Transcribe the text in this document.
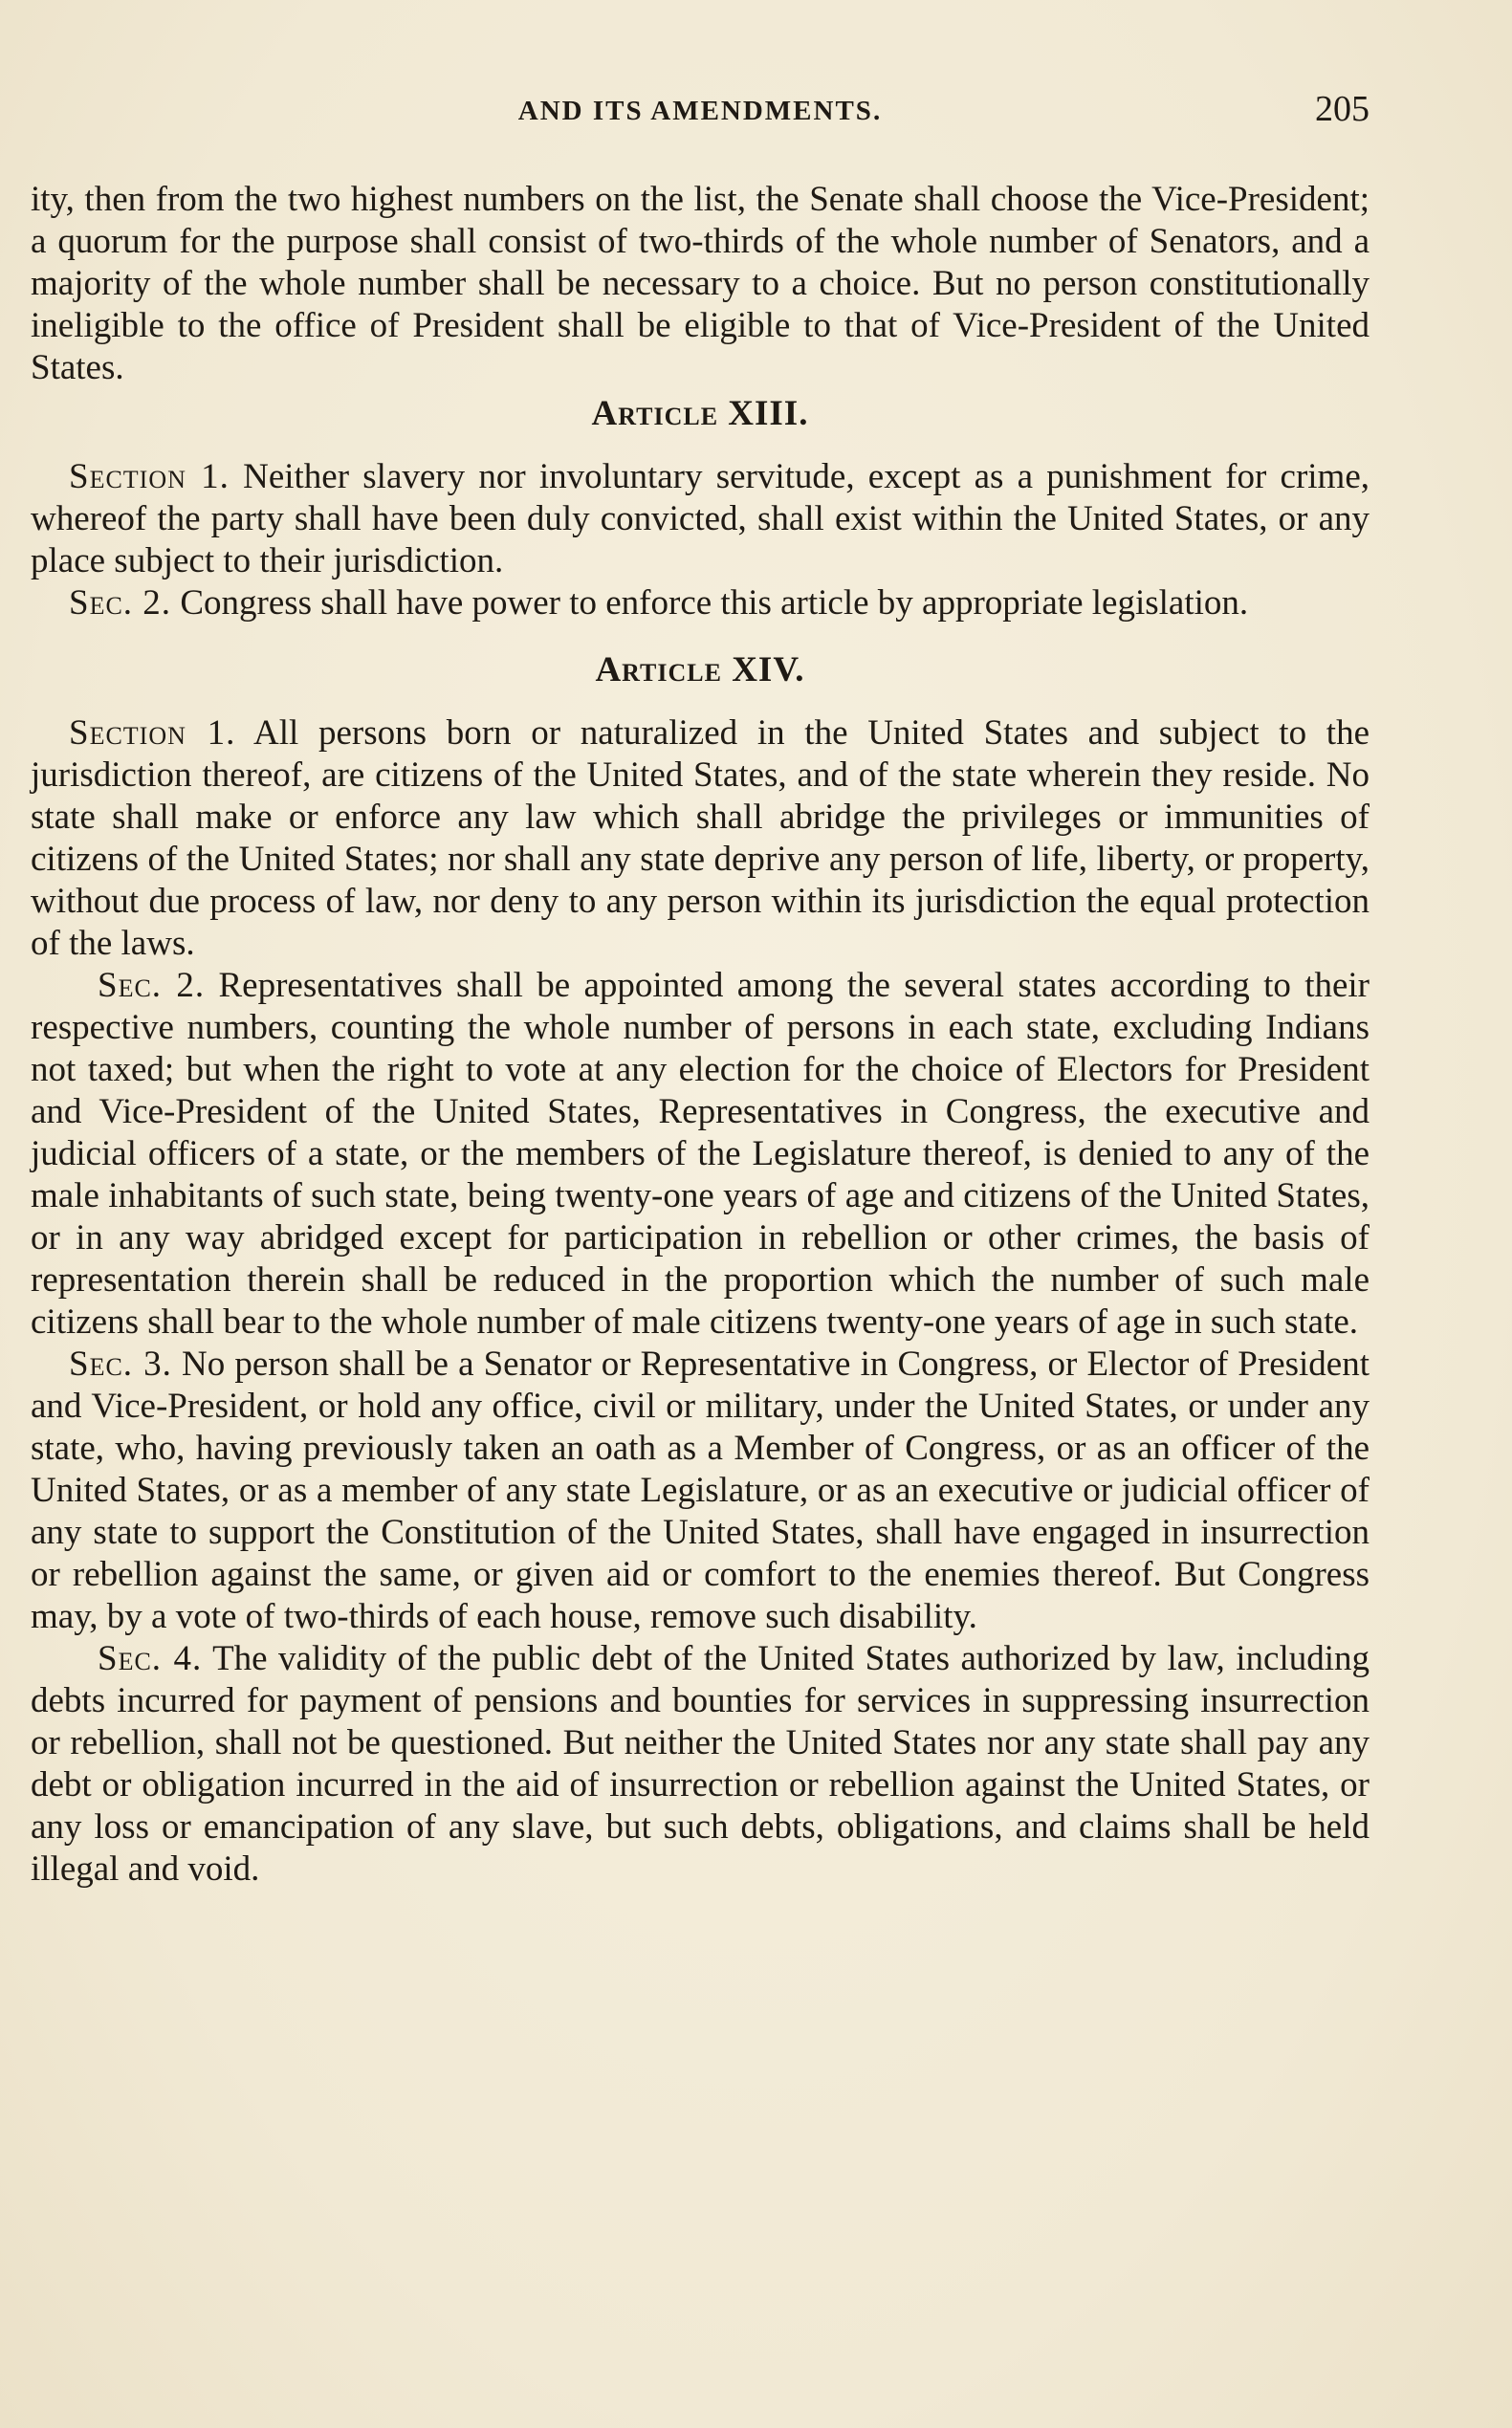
AND ITS AMENDMENTS.	205

ity, then from the two highest numbers on the list, the Senate shall choose the Vice-President; a quorum for the purpose shall consist of two-thirds of the whole number of Senators, and a majority of the whole number shall be necessary to a choice. But no person constitutionally ineligible to the office of President shall be eligible to that of Vice-President of the United States.

Article XIII.

Section 1. Neither slavery nor involuntary servitude, except as a punishment for crime, whereof the party shall have been duly convicted, shall exist within the United States, or any place subject to their jurisdiction.

Sec. 2. Congress shall have power to enforce this article by appropriate legislation.

Article XIV.

Section 1. All persons born or naturalized in the United States and subject to the jurisdiction thereof, are citizens of the United States, and of the state wherein they reside. No state shall make or enforce any law which shall abridge the privileges or immunities of citizens of the United States; nor shall any state deprive any person of life, liberty, or property, without due process of law, nor deny to any person within its jurisdiction the equal protection of the laws.

Sec. 2. Representatives shall be appointed among the several states according to their respective numbers, counting the whole number of persons in each state, excluding Indians not taxed; but when the right to vote at any election for the choice of Electors for President and Vice-President of the United States, Representatives in Congress, the executive and judicial officers of a state, or the members of the Legislature thereof, is denied to any of the male inhabitants of such state, being twenty-one years of age and citizens of the United States, or in any way abridged except for participation in rebellion or other crimes, the basis of representation therein shall be reduced in the proportion which the number of such male citizens shall bear to the whole number of male citizens twenty-one years of age in such state.

Sec. 3. No person shall be a Senator or Representative in Congress, or Elector of President and Vice-President, or hold any office, civil or military, under the United States, or under any state, who, having previously taken an oath as a Member of Congress, or as an officer of the United States, or as a member of any state Legislature, or as an executive or judicial officer of any state to support the Constitution of the United States, shall have engaged in insurrection or rebellion against the same, or given aid or comfort to the enemies thereof. But Congress may, by a vote of two-thirds of each house, remove such disability.

Sec. 4. The validity of the public debt of the United States authorized by law, including debts incurred for payment of pensions and bounties for services in suppressing insurrection or rebellion, shall not be questioned. But neither the United States nor any state shall pay any debt or obligation incurred in the aid of insurrection or rebellion against the United States, or any loss or emancipation of any slave, but such debts, obligations, and claims shall be held illegal and void.
